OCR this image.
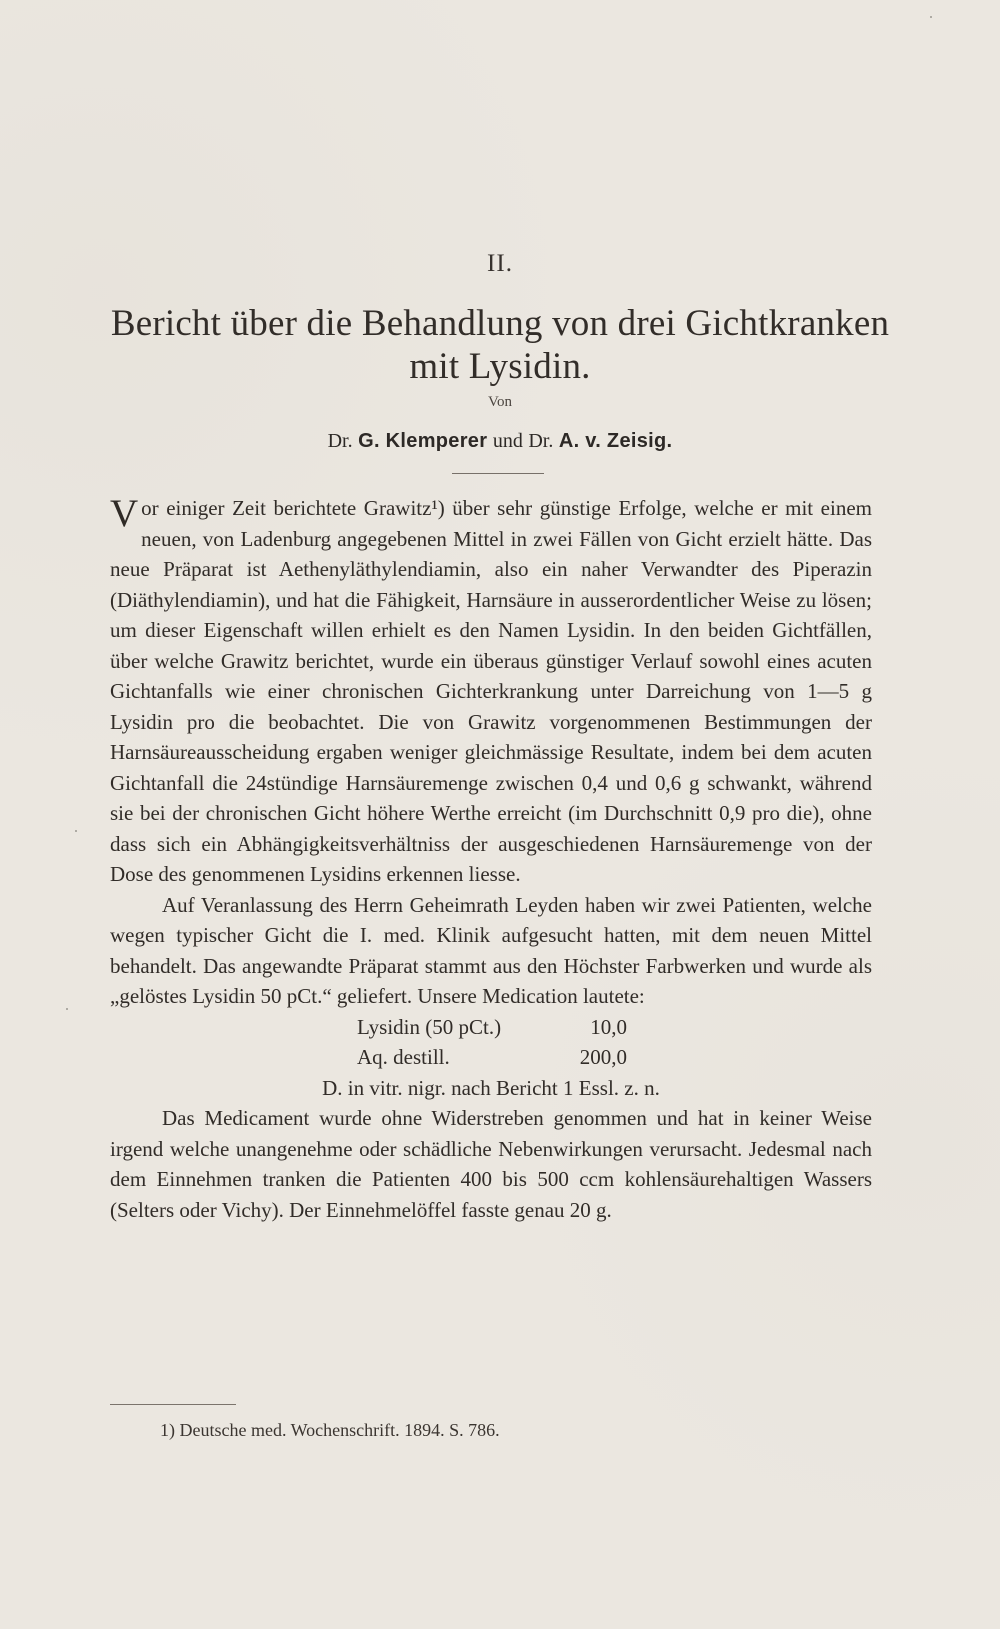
II.
Bericht über die Behandlung von drei Gichtkranken
mit Lysidin.
Von
Dr. G. Klemperer und Dr. A. v. Zeisig.

V or einiger Zeit berichtete Grawitz¹) über sehr günstige Erfolge, welche er mit einem neuen, von Ladenburg angegebenen Mittel in zwei Fällen von Gicht erzielt hätte. Das neue Präparat ist Aethenyläthylendiamin, also ein naher Verwandter des Piperazin (Diäthylendiamin), und hat die Fähigkeit, Harnsäure in ausserordentlicher Weise zu lösen; um dieser Eigenschaft willen erhielt es den Namen Lysidin. In den beiden Gichtfällen, über welche Grawitz berichtet, wurde ein überaus günstiger Verlauf sowohl eines acuten Gichtanfalls wie einer chronischen Gichterkrankung unter Darreichung von 1—5 g Lysidin pro die beobachtet. Die von Grawitz vorgenommenen Bestimmungen der Harnsäureausscheidung ergaben weniger gleichmässige Resultate, indem bei dem acuten Gichtanfall die 24stündige Harnsäuremenge zwischen 0,4 und 0,6 g schwankt, während sie bei der chronischen Gicht höhere Werthe erreicht (im Durchschnitt 0,9 pro die), ohne dass sich ein Abhängigkeitsverhältniss der ausgeschiedenen Harnsäuremenge von der Dose des genommenen Lysidins erkennen liesse.

Auf Veranlassung des Herrn Geheimrath Leyden haben wir zwei Patienten, welche wegen typischer Gicht die I. med. Klinik aufgesucht hatten, mit dem neuen Mittel behandelt. Das angewandte Präparat stammt aus den Höchster Farbwerken und wurde als „gelöstes Lysidin 50 pCt.“ geliefert. Unsere Medication lautete:

Lysidin (50 pCt.)	10,0
Aq. destill.	200,0

D. in vitr. nigr. nach Bericht 1 Essl. z. n.

Das Medicament wurde ohne Widerstreben genommen und hat in keiner Weise irgend welche unangenehme oder schädliche Nebenwirkungen verursacht. Jedesmal nach dem Einnehmen tranken die Patienten 400 bis 500 ccm kohlensäurehaltigen Wassers (Selters oder Vichy). Der Einnehmelöffel fasste genau 20 g.

1) Deutsche med. Wochenschrift. 1894. S. 786.
